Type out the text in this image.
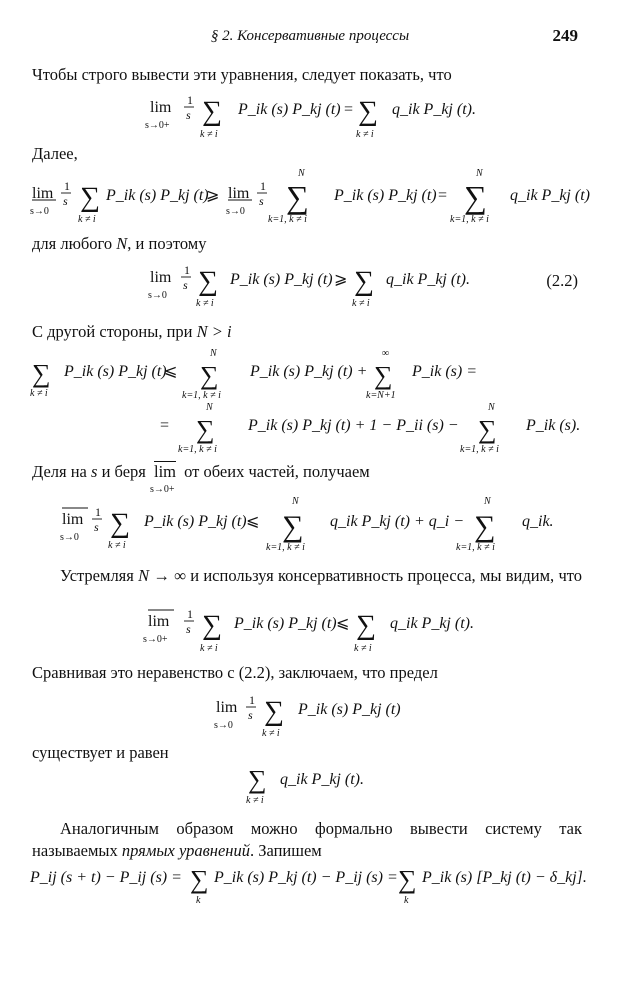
§ 2. Консервативные процессы	249
Чтобы строго вывести эти уравнения, следует показать, что
lim
s→0+
1
s ∑
k ≠ i
P_ik (s) P_kj (t) = ∑
k ≠ i
q_ik P_kj (t).
Далее,
lim
s→0
1
s ∑
k ≠ i
P_ik (s) P_kj (t)
⩾ lim
s→0
1
s
N
∑
k=1, k ≠ i
P_ik (s) P_kj (t) =
N
∑
k=1, k ≠ i
q_ik P_kj (t)
для любого N, и поэтому
lim
s→0
1
s ∑
k ≠ i
P_ik (s) P_kj (t) ⩾ ∑
k ≠ i
q_ik P_kj (t).	(2.2)
С другой стороны, при N > i
∑
k ≠ i
P_ik (s) P_kj (t)
⩽
N
∑
k=1, k ≠ i
P_ik (s) P_kj (t) +
∞
∑
k=N+1
P_ik (s) =
=
N
∑
k=1, k ≠ i
P_ik (s) P_kj (t) + 1 − P_ii (s) −
N
∑
k=1, k ≠ i
P_ik (s).
Деля на s и беря lim
s→0+
от обеих частей, получаем
lim
s→0
1
s ∑
k ≠ i
P_ik (s) P_kj (t) ⩽
N
∑
k=1, k ≠ i
q_ik P_kj (t) + q_i −
N
∑
k=1, k ≠ i
q_ik.
Устремляя N → ∞ и используя консервативность процесса, мы видим, что
lim
s→0+
1
s ∑
k ≠ i
P_ik (s) P_kj (t) ⩽ ∑
k ≠ i
q_ik P_kj (t).
Сравнивая это неравенство с (2.2), заключаем, что предел
lim
s→0
1
s ∑
k ≠ i
P_ik (s) P_kj (t)
существует и равен
∑
k ≠ i
q_ik P_kj (t).
Аналогичным образом можно формально вывести систему так называемых прямых уравнений. Запишем
P_ij (s + t) − P_ij (s) = ∑
k
P_ik (s) P_kj (t) − P_ij (s) = ∑
k
P_ik (s) [P_kj (t) − δ_kj].
